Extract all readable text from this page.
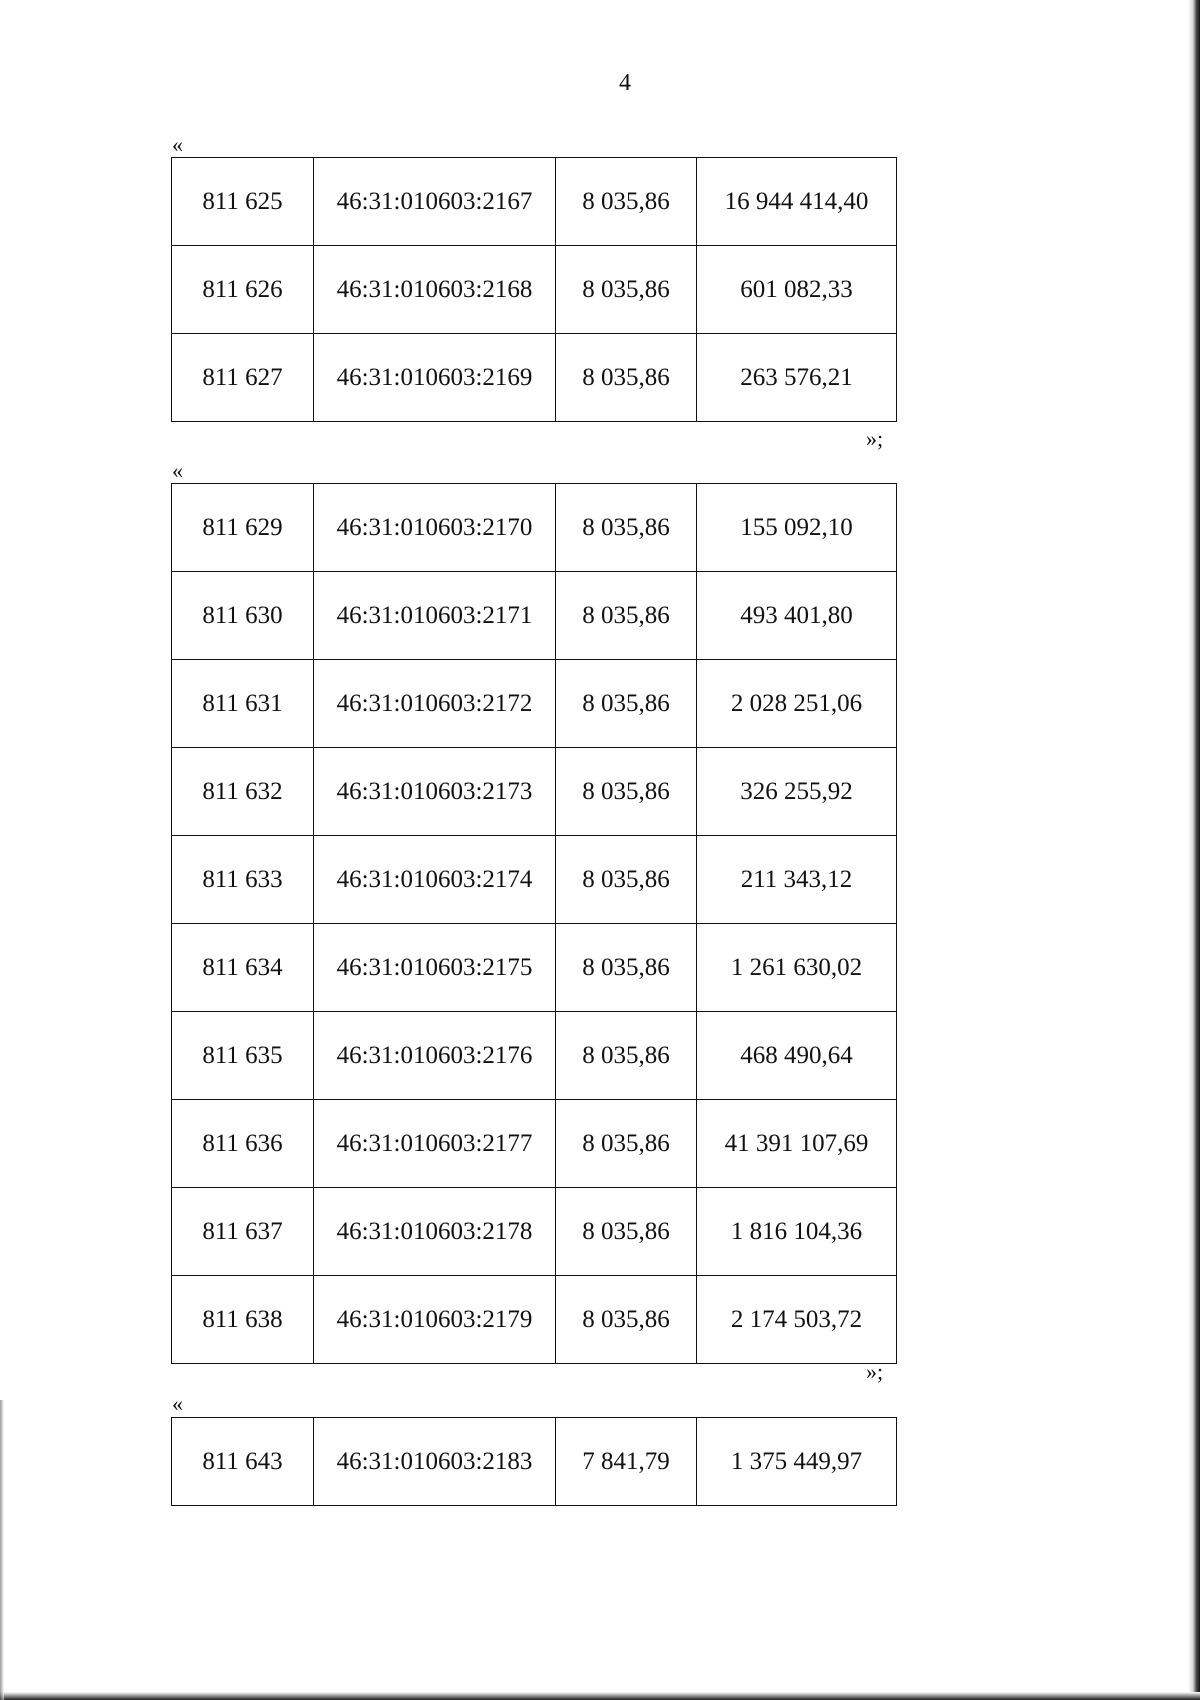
4
«
811 625	46:31:010603:2167	8 035,86	16 944 414,40
811 626	46:31:010603:2168	8 035,86	601 082,33
811 627	46:31:010603:2169	8 035,86	263 576,21
»;
«
811 629	46:31:010603:2170	8 035,86	155 092,10
811 630	46:31:010603:2171	8 035,86	493 401,80
811 631	46:31:010603:2172	8 035,86	2 028 251,06
811 632	46:31:010603:2173	8 035,86	326 255,92
811 633	46:31:010603:2174	8 035,86	211 343,12
811 634	46:31:010603:2175	8 035,86	1 261 630,02
811 635	46:31:010603:2176	8 035,86	468 490,64
811 636	46:31:010603:2177	8 035,86	41 391 107,69
811 637	46:31:010603:2178	8 035,86	1 816 104,36
811 638	46:31:010603:2179	8 035,86	2 174 503,72
»;
«
811 643	46:31:010603:2183	7 841,79	1 375 449,97
